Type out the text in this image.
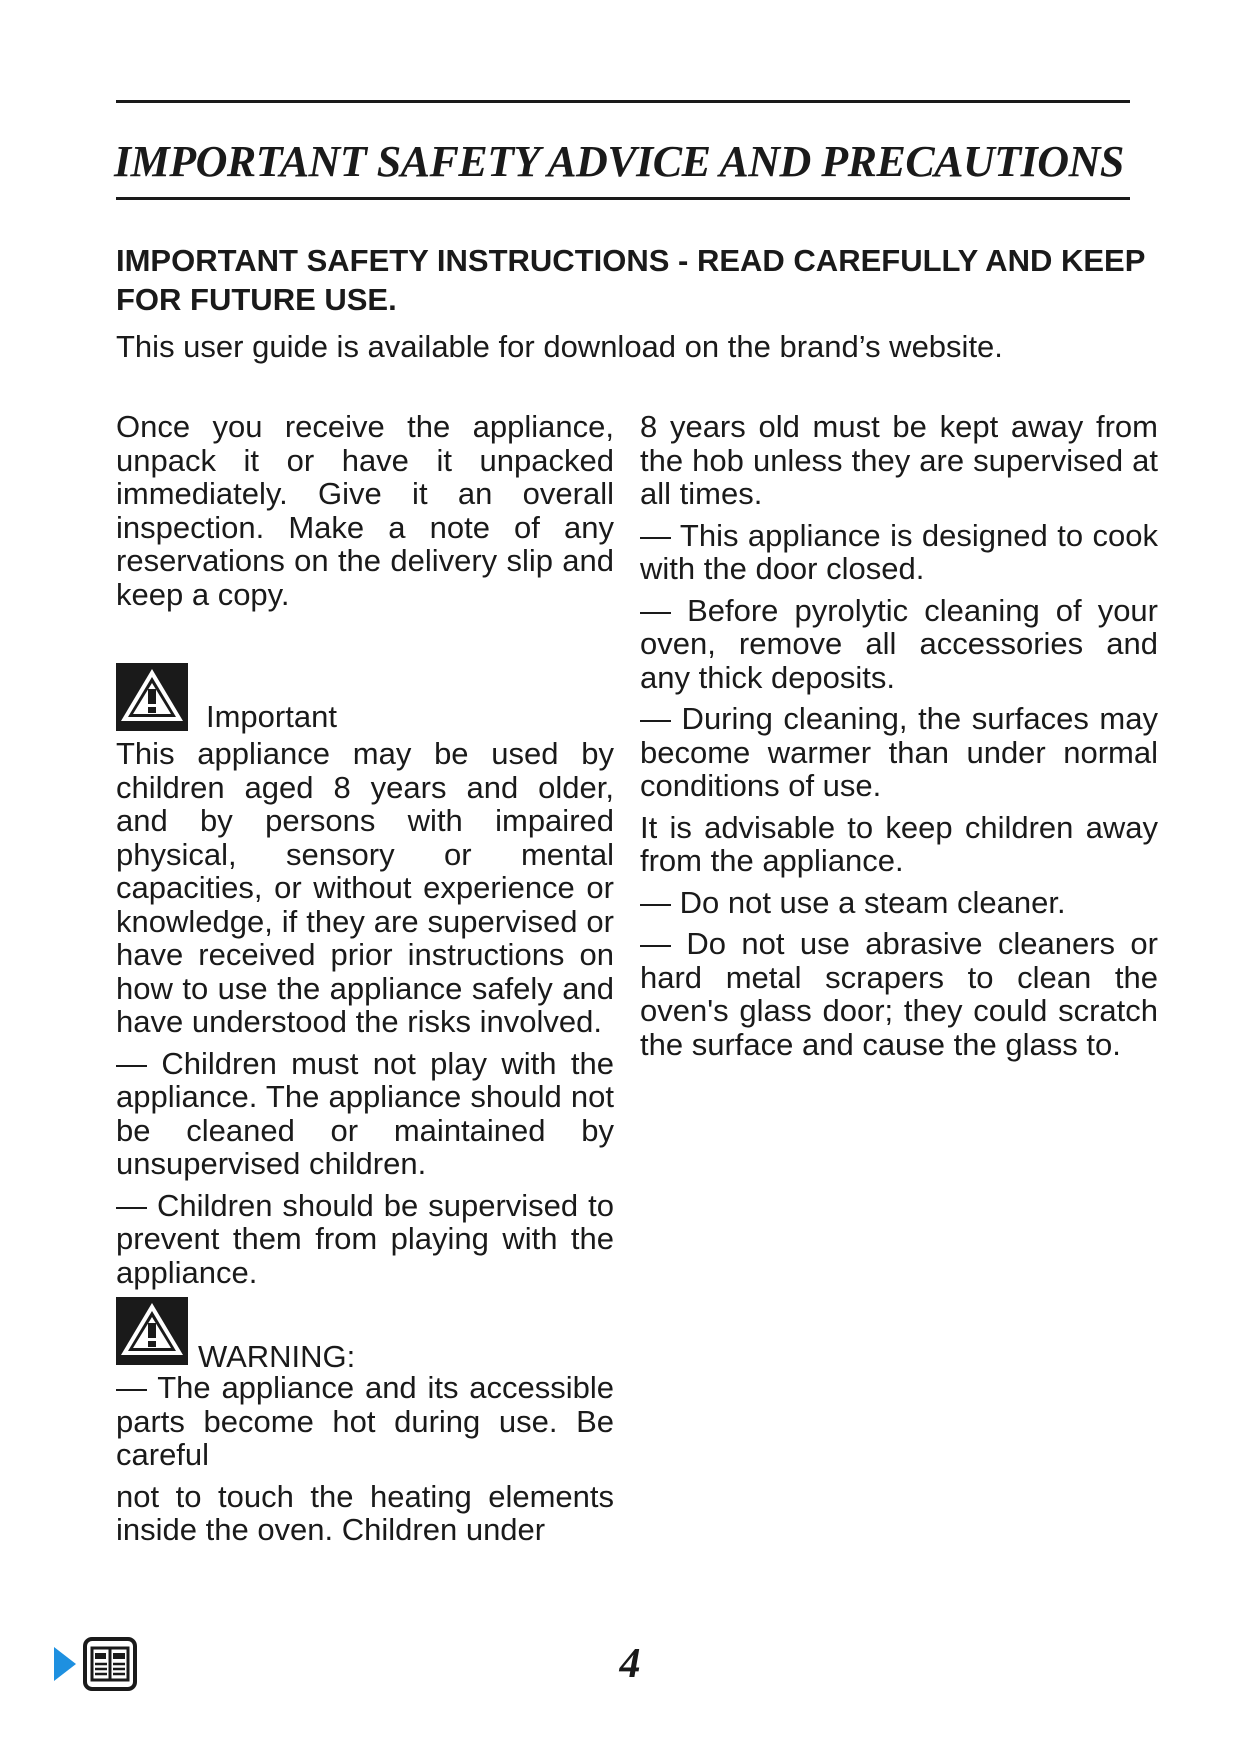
IMPORTANT SAFETY ADVICE AND PRECAUTIONS

IMPORTANT SAFETY INSTRUCTIONS - READ CAREFULLY AND KEEP FOR FUTURE USE.

This user guide is available for download on the brand’s website.

Once you receive the appliance, unpack it or have it unpacked immediately. Give it an overall inspection. Make a note of any reservations on the delivery slip and keep a copy.

Important

This appliance may be used by children aged 8 years and older, and by persons with impaired physical, sensory or mental capacities, or without experience or knowledge, if they are supervised or have received prior instructions on how to use the appliance safely and have understood the risks involved.

— Children must not play with the appliance. The appliance should not be cleaned or maintained by unsupervised children.

— Children should be supervised to prevent them from playing with the appliance.

WARNING:

— The appliance and its accessible parts become hot during use. Be careful

not to touch the heating elements inside the oven. Children under

8 years old must be kept away from the hob unless they are supervised at all times.

— This appliance is designed to cook with the door closed.

— Before pyrolytic cleaning of your oven, remove all accessories and any thick deposits.

— During cleaning, the surfaces may become warmer than under normal conditions of use.

It is advisable to keep children away from the appliance.

— Do not use a steam cleaner.

— Do not use abrasive cleaners or hard metal scrapers to clean the oven's glass door; they could scratch the surface and cause the glass to.

4
